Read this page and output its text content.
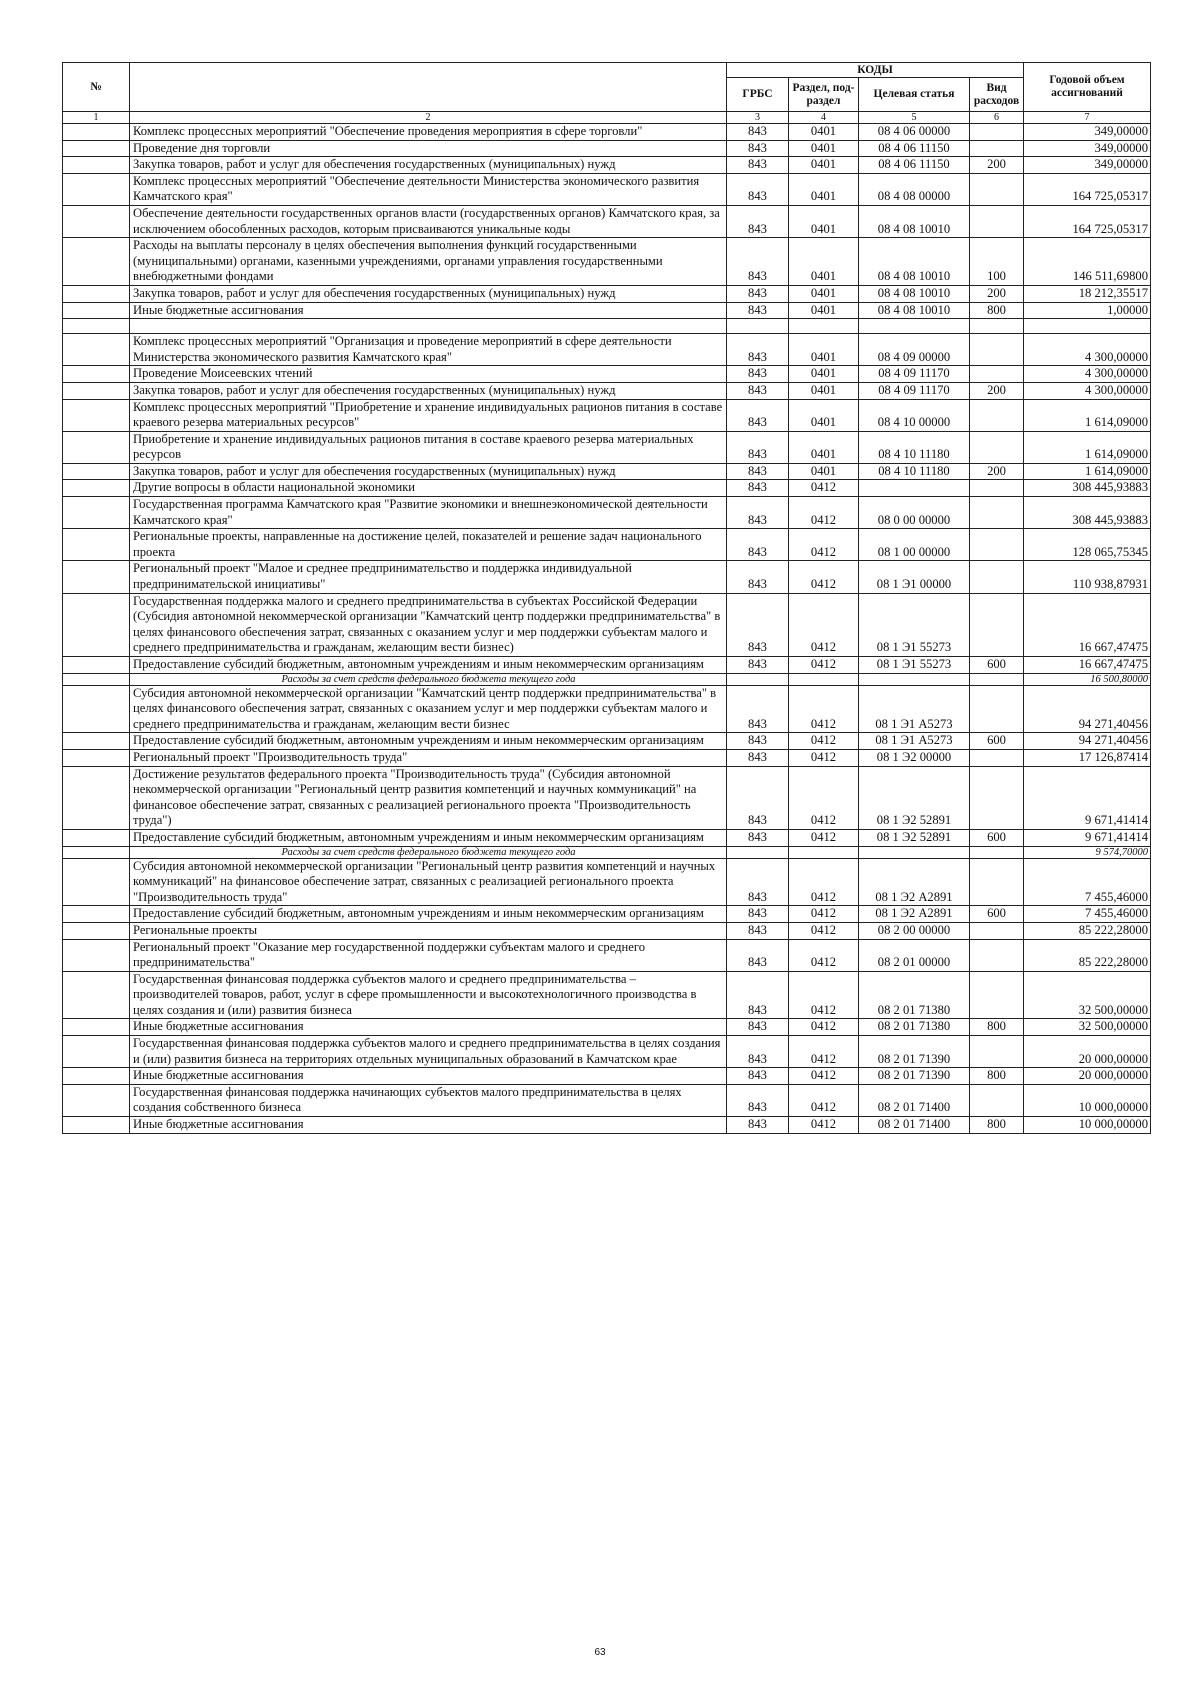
№		КОДЫ				Годовой объем ассигнований
		ГРБС	Раздел, под-раздел	Целевая статья	Вид расходов	
1	2	3	4	5	6	7
	Комплекс процессных мероприятий "Обеспечение проведения мероприятия в сфере торговли"	843	0401	08 4 06 00000		349,00000
	Проведение дня торговли	843	0401	08 4 06 11150		349,00000
	Закупка товаров, работ и услуг для обеспечения государственных (муниципальных) нужд	843	0401	08 4 06 11150	200	349,00000
	Комплекс процессных мероприятий "Обеспечение деятельности Министерства экономического развития Камчатского края"	843	0401	08 4 08 00000		164 725,05317
	Обеспечение деятельности государственных органов власти (государственных органов) Камчатского края, за исключением обособленных расходов, которым присваиваются уникальные коды	843	0401	08 4 08 10010		164 725,05317
	Расходы на выплаты персоналу в целях обеспечения выполнения функций государственными (муниципальными) органами, казенными учреждениями, органами управления государственными внебюджетными фондами	843	0401	08 4 08 10010	100	146 511,69800
	Закупка товаров, работ и услуг для обеспечения государственных (муниципальных) нужд	843	0401	08 4 08 10010	200	18 212,35517
	Иные бюджетные ассигнования	843	0401	08 4 08 10010	800	1,00000

	Комплекс процессных мероприятий "Организация и проведение мероприятий в сфере деятельности Министерства экономического развития Камчатского края"	843	0401	08 4 09 00000		4 300,00000
	Проведение Моисеевских чтений	843	0401	08 4 09 11170		4 300,00000
	Закупка товаров, работ и услуг для обеспечения государственных (муниципальных) нужд	843	0401	08 4 09 11170	200	4 300,00000
	Комплекс процессных мероприятий "Приобретение и хранение индивидуальных рационов питания в составе краевого резерва материальных ресурсов"	843	0401	08 4 10 00000		1 614,09000
	Приобретение и хранение индивидуальных рационов питания в составе краевого резерва материальных ресурсов	843	0401	08 4 10 11180		1 614,09000
	Закупка товаров, работ и услуг для обеспечения государственных (муниципальных) нужд	843	0401	08 4 10 11180	200	1 614,09000
	Другие вопросы в области национальной экономики	843	0412			308 445,93883
	Государственная программа Камчатского края "Развитие экономики и внешнеэкономической деятельности Камчатского края"	843	0412	08 0 00 00000		308 445,93883
	Региональные проекты, направленные на достижение целей, показателей и решение задач национального проекта	843	0412	08 1 00 00000		128 065,75345
	Региональный проект "Малое и среднее предпринимательство и поддержка индивидуальной предпринимательской инициативы"	843	0412	08 1 Э1 00000		110 938,87931
	Государственная поддержка малого и среднего предпринимательства в субъектах Российской Федерации (Субсидия автономной некоммерческой организации "Камчатский центр поддержки предпринимательства" в целях финансового обеспечения затрат, связанных с оказанием услуг и мер поддержки субъектам малого и среднего предпринимательства и гражданам, желающим вести бизнес)	843	0412	08 1 Э1 55273		16 667,47475
	Предоставление субсидий бюджетным, автономным учреждениям и иным некоммерческим организациям	843	0412	08 1 Э1 55273	600	16 667,47475
	Расходы за счет средств федерального бюджета текущего года					16 500,80000
	Субсидия автономной некоммерческой организации "Камчатский центр поддержки предпринимательства" в целях финансового обеспечения затрат, связанных с оказанием услуг и мер поддержки субъектам малого и среднего предпринимательства и гражданам, желающим вести бизнес	843	0412	08 1 Э1 А5273		94 271,40456
	Предоставление субсидий бюджетным, автономным учреждениям и иным некоммерческим организациям	843	0412	08 1 Э1 А5273	600	94 271,40456
	Региональный проект "Производительность труда"	843	0412	08 1 Э2 00000		17 126,87414
	Достижение результатов федерального проекта "Производительность труда" (Субсидия автономной некоммерческой организации "Региональный центр развития компетенций и научных коммуникаций" на финансовое обеспечение затрат, связанных с реализацией регионального проекта "Производительность труда")	843	0412	08 1 Э2 52891		9 671,41414
	Предоставление субсидий бюджетным, автономным учреждениям и иным некоммерческим организациям	843	0412	08 1 Э2 52891	600	9 671,41414
	Расходы за счет средств федерального бюджета текущего года					9 574,70000
	Субсидия автономной некоммерческой организации "Региональный центр развития компетенций и научных коммуникаций" на финансовое обеспечение затрат, связанных с реализацией регионального проекта "Производительность труда"	843	0412	08 1 Э2 А2891		7 455,46000
	Предоставление субсидий бюджетным, автономным учреждениям и иным некоммерческим организациям	843	0412	08 1 Э2 А2891	600	7 455,46000
	Региональные проекты	843	0412	08 2 00 00000		85 222,28000
	Региональный проект "Оказание мер государственной поддержки субъектам малого и среднего предпринимательства"	843	0412	08 2 01 00000		85 222,28000
	Государственная финансовая поддержка субъектов малого и среднего предпринимательства – производителей товаров, работ, услуг в сфере промышленности и высокотехнологичного производства в целях создания и (или) развития бизнеса	843	0412	08 2 01 71380		32 500,00000
	Иные бюджетные ассигнования	843	0412	08 2 01 71380	800	32 500,00000
	Государственная финансовая поддержка субъектов малого и среднего предпринимательства в целях создания и (или) развития бизнеса на территориях отдельных муниципальных образований в Камчатском крае	843	0412	08 2 01 71390		20 000,00000
	Иные бюджетные ассигнования	843	0412	08 2 01 71390	800	20 000,00000
	Государственная финансовая поддержка начинающих субъектов малого предпринимательства в целях создания собственного бизнеса	843	0412	08 2 01 71400		10 000,00000
	Иные бюджетные ассигнования	843	0412	08 2 01 71400	800	10 000,00000
63
